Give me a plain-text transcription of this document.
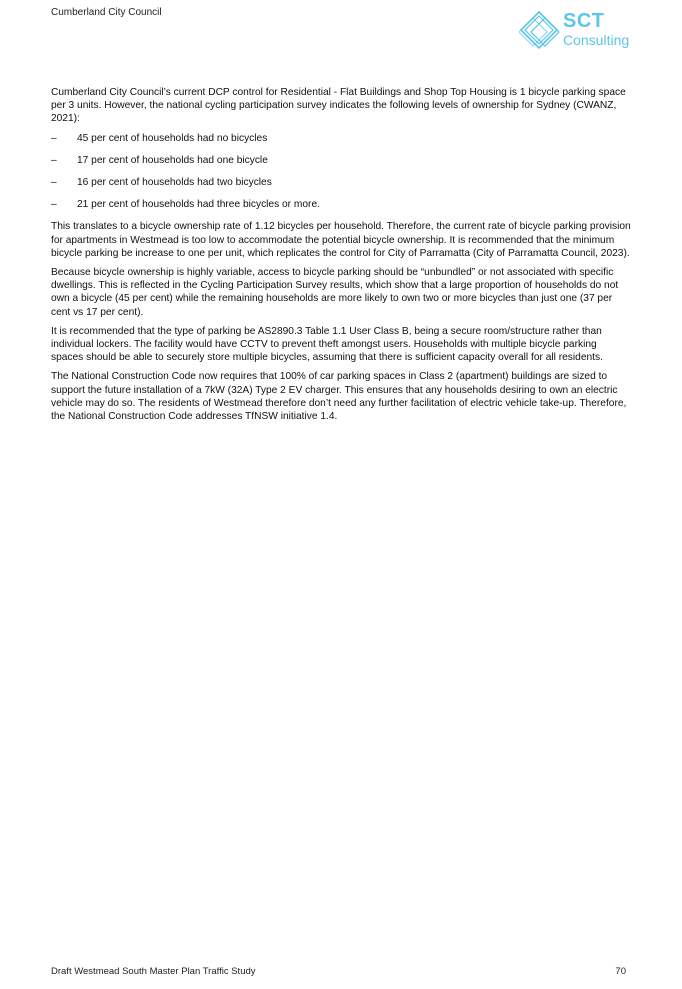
Cumberland City Council	SCT
Consulting

Cumberland City Council’s current DCP control for Residential - Flat Buildings and Shop Top Housing is 1 bicycle parking space per 3 units. However, the national cycling participation survey indicates the following levels of ownership for Sydney (CWANZ, 2021):

– 45 per cent of households had no bicycles
– 17 per cent of households had one bicycle
– 16 per cent of households had two bicycles
– 21 per cent of households had three bicycles or more.

This translates to a bicycle ownership rate of 1.12 bicycles per household. Therefore, the current rate of bicycle parking provision for apartments in Westmead is too low to accommodate the potential bicycle ownership. It is recommended that the minimum bicycle parking be increase to one per unit, which replicates the control for City of Parramatta (City of Parramatta Council, 2023).

Because bicycle ownership is highly variable, access to bicycle parking should be “unbundled” or not associated with specific dwellings. This is reflected in the Cycling Participation Survey results, which show that a large proportion of households do not own a bicycle (45 per cent) while the remaining households are more likely to own two or more bicycles than just one (37 per cent vs 17 per cent).

It is recommended that the type of parking be AS2890.3 Table 1.1 User Class B, being a secure room/structure rather than individual lockers. The facility would have CCTV to prevent theft amongst users. Households with multiple bicycle parking spaces should be able to securely store multiple bicycles, assuming that there is sufficient capacity overall for all residents.

The National Construction Code now requires that 100% of car parking spaces in Class 2 (apartment) buildings are sized to support the future installation of a 7kW (32A) Type 2 EV charger. This ensures that any households desiring to own an electric vehicle may do so. The residents of Westmead therefore don’t need any further facilitation of electric vehicle take-up. Therefore, the National Construction Code addresses TfNSW initiative 1.4.

Draft Westmead South Master Plan Traffic Study	70
